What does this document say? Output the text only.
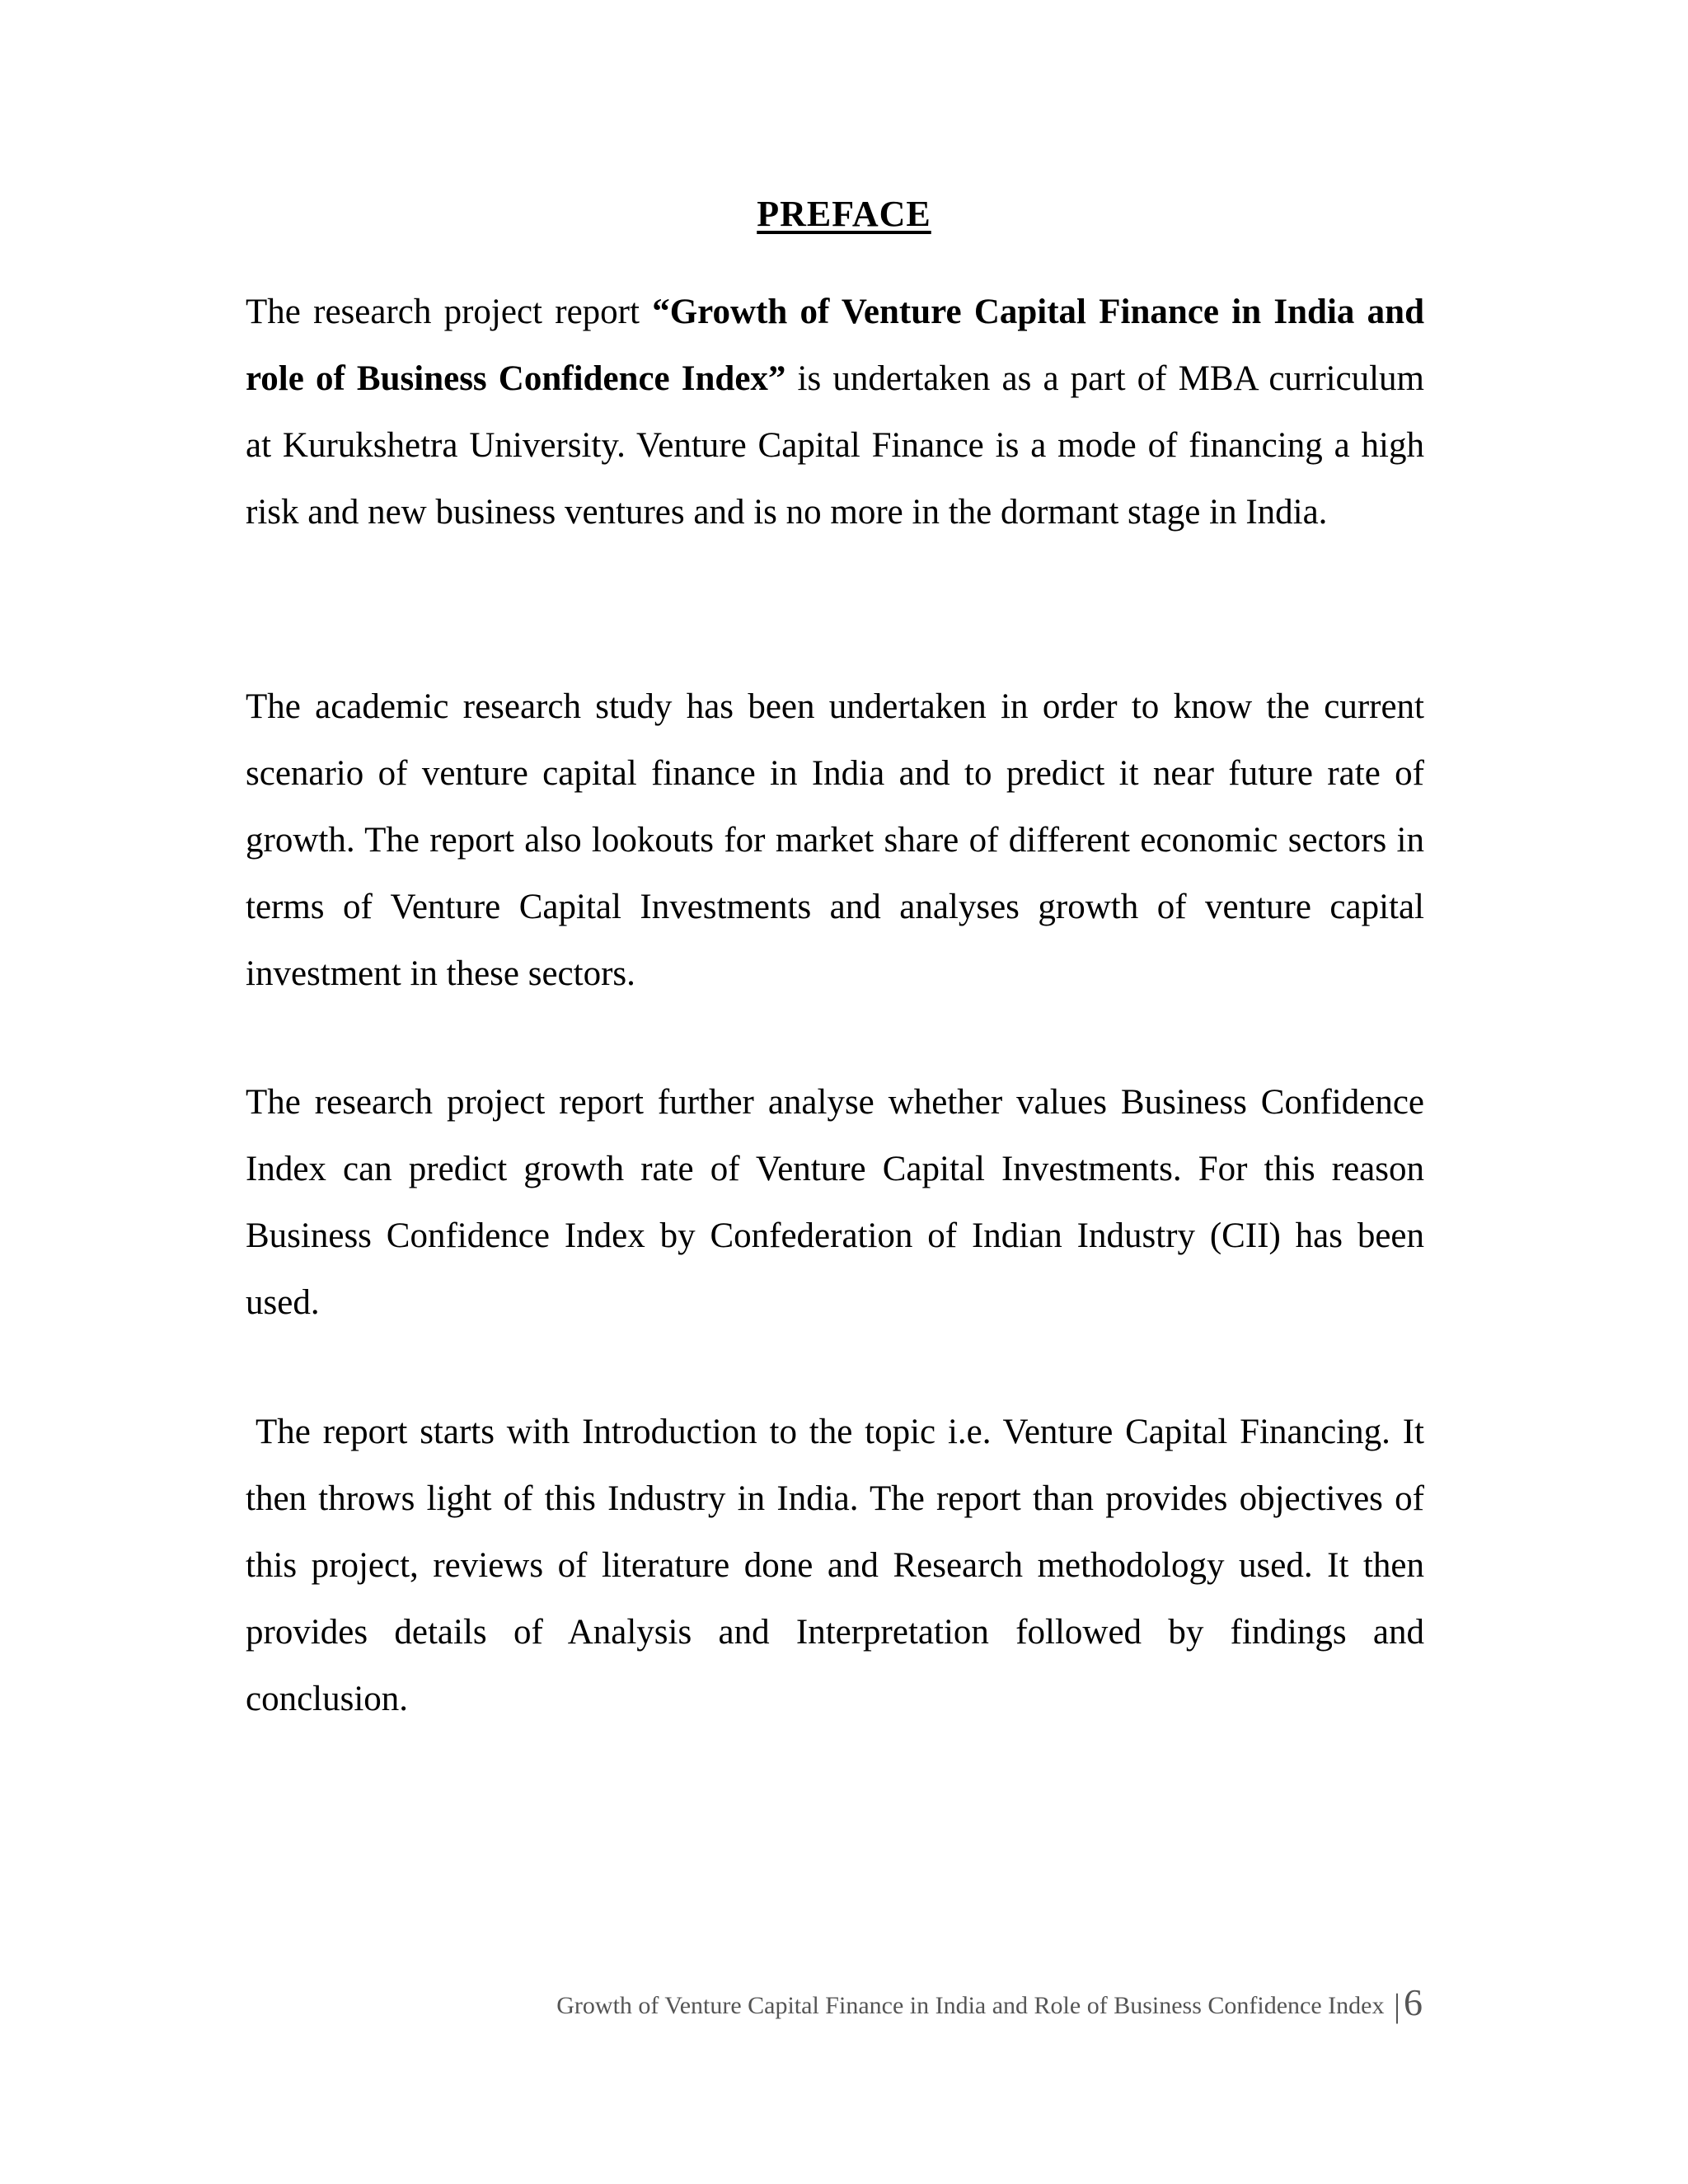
PREFACE

The research project report “Growth of Venture Capital Finance in India and role of Business Confidence Index” is undertaken as a part of MBA curriculum at Kurukshetra University. Venture Capital Finance is a mode of financing a high risk and new business ventures and is no more in the dormant stage in India.

The academic research study has been undertaken in order to know the current scenario of venture capital finance in India and to predict it near future rate of growth. The report also lookouts for market share of different economic sectors in terms of Venture Capital Investments and analyses growth of venture capital investment in these sectors.

The research project report further analyse whether values Business Confidence Index can predict growth rate of Venture Capital Investments. For this reason Business Confidence Index by Confederation of Indian Industry (CII) has been used.

The report starts with Introduction to the topic i.e. Venture Capital Financing. It then throws light of this Industry in India. The report than provides objectives of this project, reviews of literature done and Research methodology used. It then provides details of Analysis and Interpretation followed by findings and conclusion.

Growth of Venture Capital Finance in India and Role of Business Confidence Index |6
